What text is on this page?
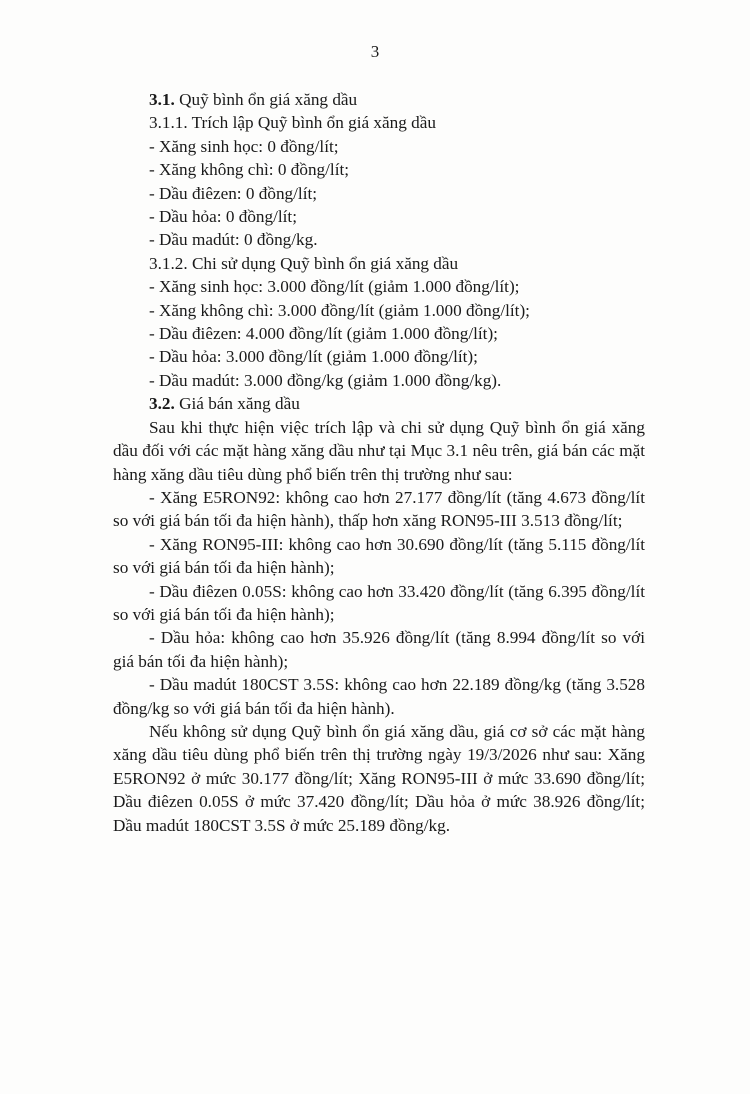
3

3.1. Quỹ bình ổn giá xăng dầu

3.1.1. Trích lập Quỹ bình ổn giá xăng dầu

- Xăng sinh học: 0 đồng/lít;

- Xăng không chì: 0 đồng/lít;

- Dầu điêzen: 0 đồng/lít;

- Dầu hỏa: 0 đồng/lít;

- Dầu madút: 0 đồng/kg.

3.1.2. Chi sử dụng Quỹ bình ổn giá xăng dầu

- Xăng sinh học: 3.000 đồng/lít (giảm 1.000 đồng/lít);

- Xăng không chì: 3.000 đồng/lít (giảm 1.000 đồng/lít);

- Dầu điêzen: 4.000 đồng/lít (giảm 1.000 đồng/lít);

- Dầu hỏa: 3.000 đồng/lít (giảm 1.000 đồng/lít);

- Dầu madút: 3.000 đồng/kg (giảm 1.000 đồng/kg).

3.2. Giá bán xăng dầu

Sau khi thực hiện việc trích lập và chi sử dụng Quỹ bình ổn giá xăng dầu đối với các mặt hàng xăng dầu như tại Mục 3.1 nêu trên, giá bán các mặt hàng xăng dầu tiêu dùng phổ biến trên thị trường như sau:

- Xăng E5RON92: không cao hơn 27.177 đồng/lít (tăng 4.673 đồng/lít so với giá bán tối đa hiện hành), thấp hơn xăng RON95-III 3.513 đồng/lít;

- Xăng RON95-III: không cao hơn 30.690 đồng/lít (tăng 5.115 đồng/lít so với giá bán tối đa hiện hành);

- Dầu điêzen 0.05S: không cao hơn 33.420 đồng/lít (tăng 6.395 đồng/lít so với giá bán tối đa hiện hành);

- Dầu hỏa: không cao hơn 35.926 đồng/lít (tăng 8.994 đồng/lít so với giá bán tối đa hiện hành);

- Dầu madút 180CST 3.5S: không cao hơn 22.189 đồng/kg (tăng 3.528 đồng/kg so với giá bán tối đa hiện hành).

Nếu không sử dụng Quỹ bình ổn giá xăng dầu, giá cơ sở các mặt hàng xăng dầu tiêu dùng phổ biến trên thị trường ngày 19/3/2026 như sau: Xăng E5RON92 ở mức 30.177 đồng/lít; Xăng RON95-III ở mức 33.690 đồng/lít; Dầu điêzen 0.05S ở mức 37.420 đồng/lít; Dầu hỏa ở mức 38.926 đồng/lít; Dầu madút 180CST 3.5S ở mức 25.189 đồng/kg.
